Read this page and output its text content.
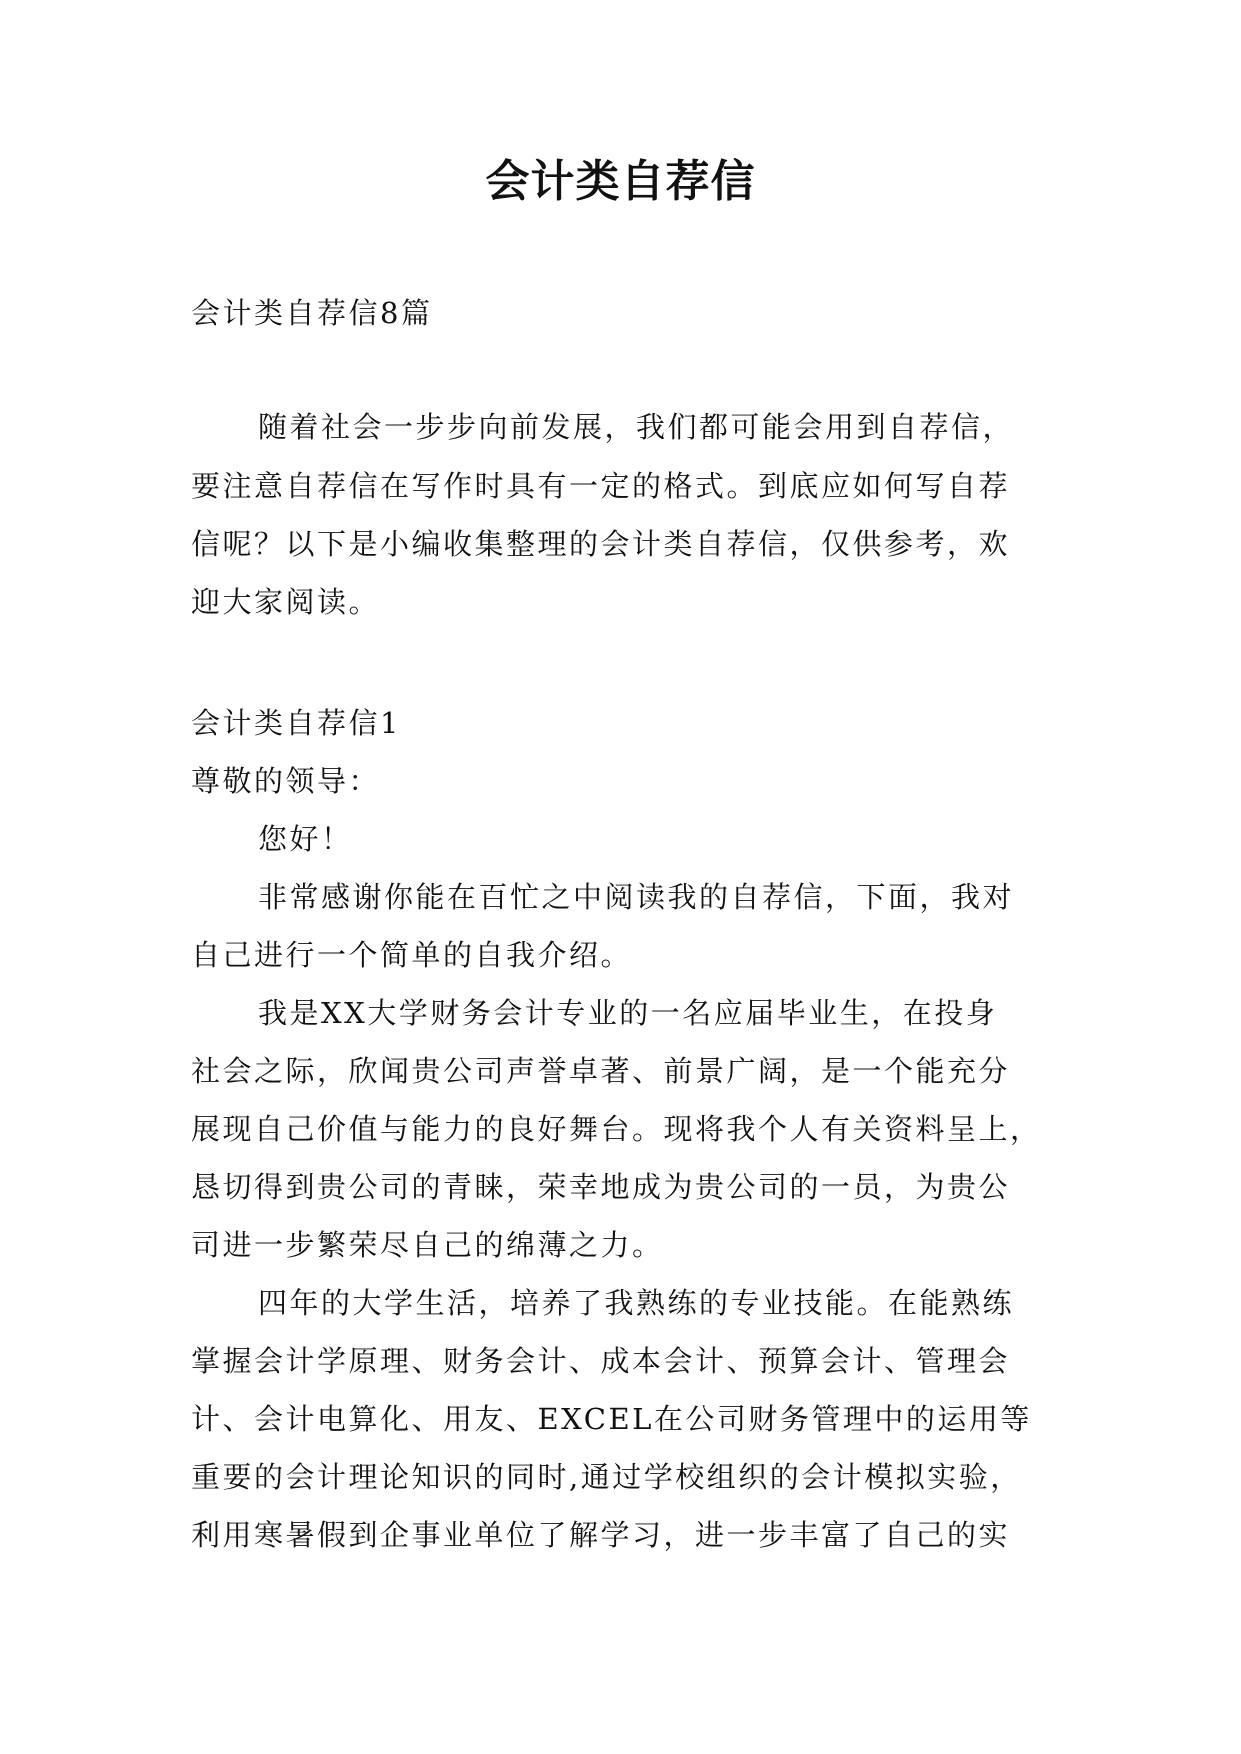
会计类自荐信
会计类自荐信8篇
随着社会一步步向前发展，我们都可能会用到自荐信，
要注意自荐信在写作时具有一定的格式。到底应如何写自荐
信呢？以下是小编收集整理的会计类自荐信，仅供参考，欢
迎大家阅读。
会计类自荐信1
尊敬的领导：
您好！
非常感谢你能在百忙之中阅读我的自荐信，下面，我对
自己进行一个简单的自我介绍。
我是XX大学财务会计专业的一名应届毕业生，在投身
社会之际，欣闻贵公司声誉卓著、前景广阔，是一个能充分
展现自己价值与能力的良好舞台。现将我个人有关资料呈上，
恳切得到贵公司的青睐，荣幸地成为贵公司的一员，为贵公
司进一步繁荣尽自己的绵薄之力。
四年的大学生活，培养了我熟练的专业技能。在能熟练
掌握会计学原理、财务会计、成本会计、预算会计、管理会
计、会计电算化、用友、EXCEL在公司财务管理中的运用等
重要的会计理论知识的同时,通过学校组织的会计模拟实验，
利用寒暑假到企事业单位了解学习，进一步丰富了自己的实
